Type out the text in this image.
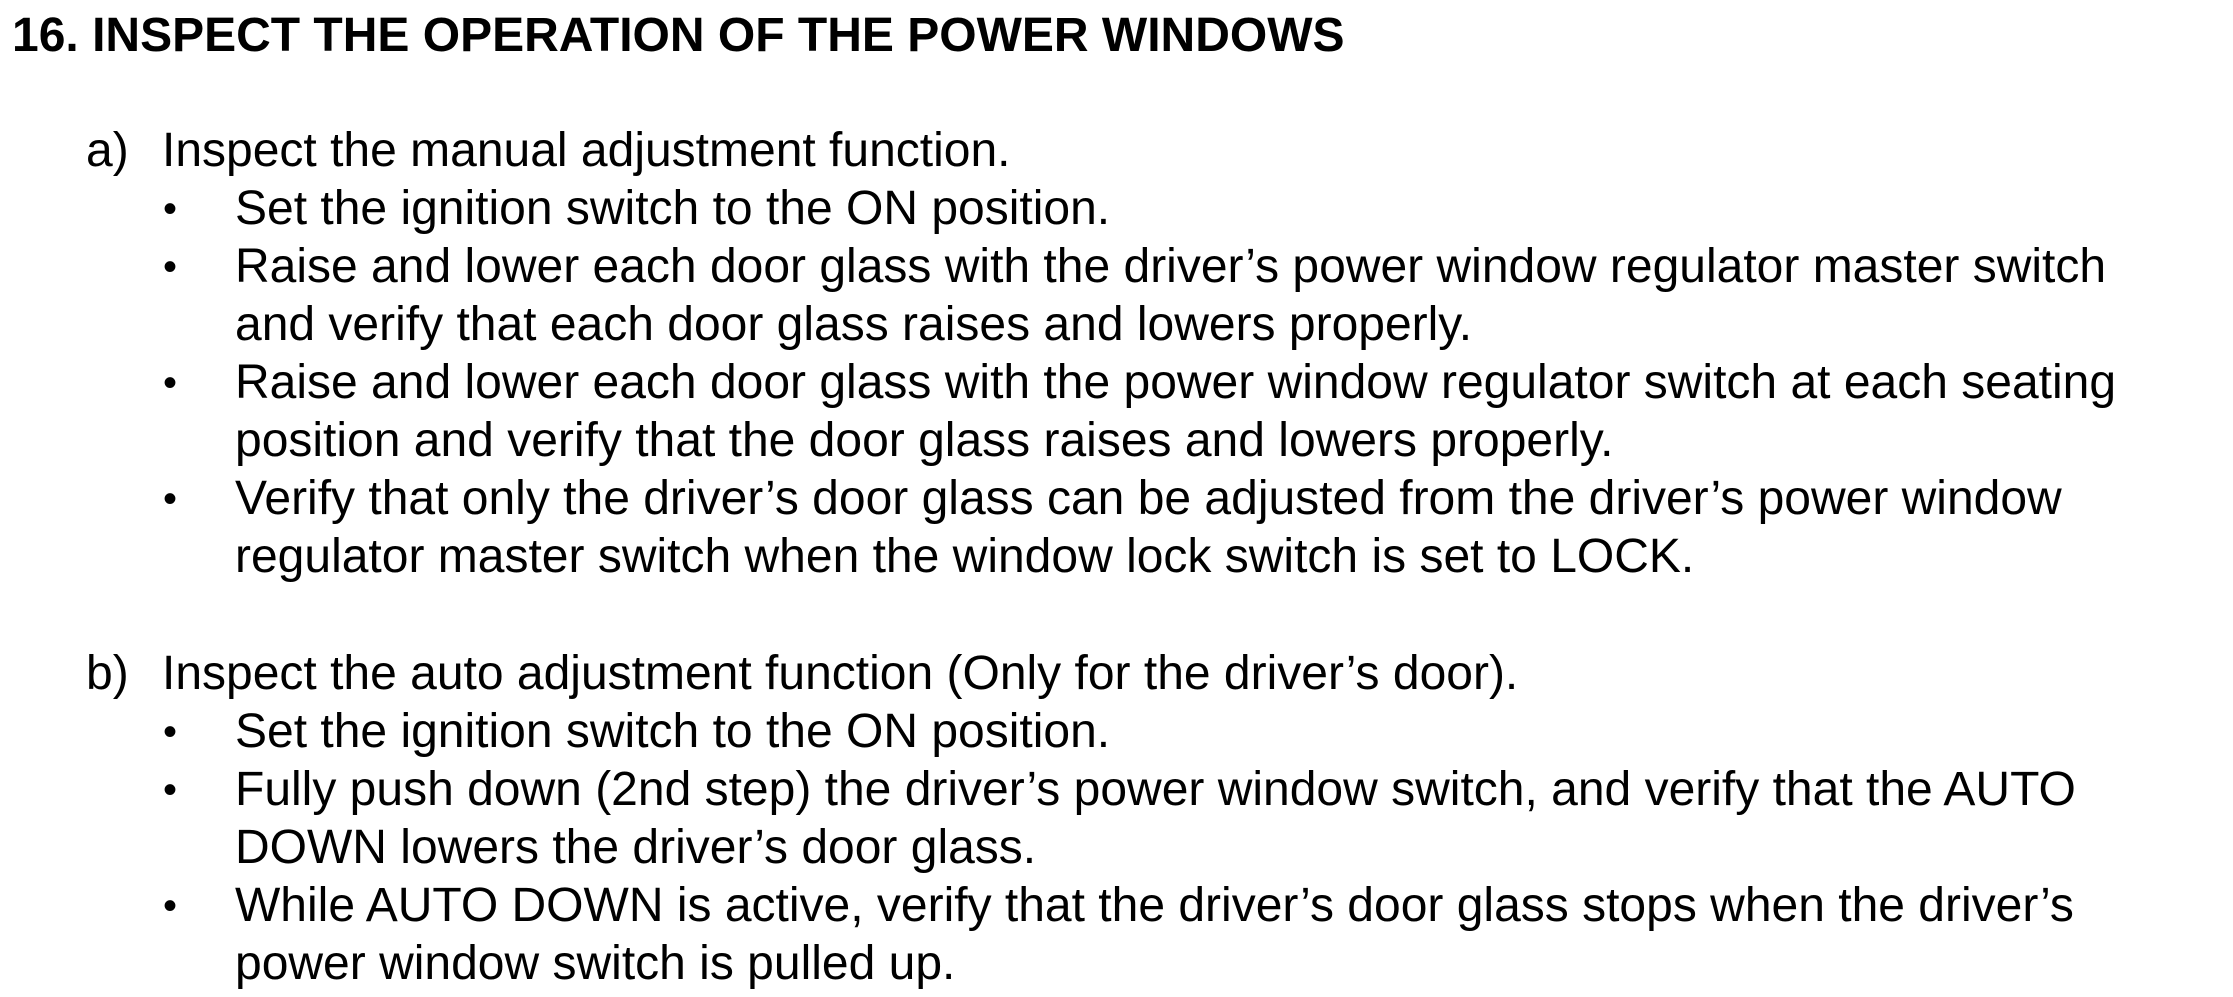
16. INSPECT THE OPERATION OF THE POWER WINDOWS
a) Inspect the manual adjustment function.
• Set the ignition switch to the ON position.
• Raise and lower each door glass with the driver’s power window regulator master switch and verify that each door glass raises and lowers properly.
• Raise and lower each door glass with the power window regulator switch at each seating position and verify that the door glass raises and lowers properly.
• Verify that only the driver’s door glass can be adjusted from the driver’s power window regulator master switch when the window lock switch is set to LOCK.
b) Inspect the auto adjustment function (Only for the driver’s door).
• Set the ignition switch to the ON position.
• Fully push down (2nd step) the driver’s power window switch, and verify that the AUTO DOWN lowers the driver’s door glass.
• While AUTO DOWN is active, verify that the driver’s door glass stops when the driver’s power window switch is pulled up.
